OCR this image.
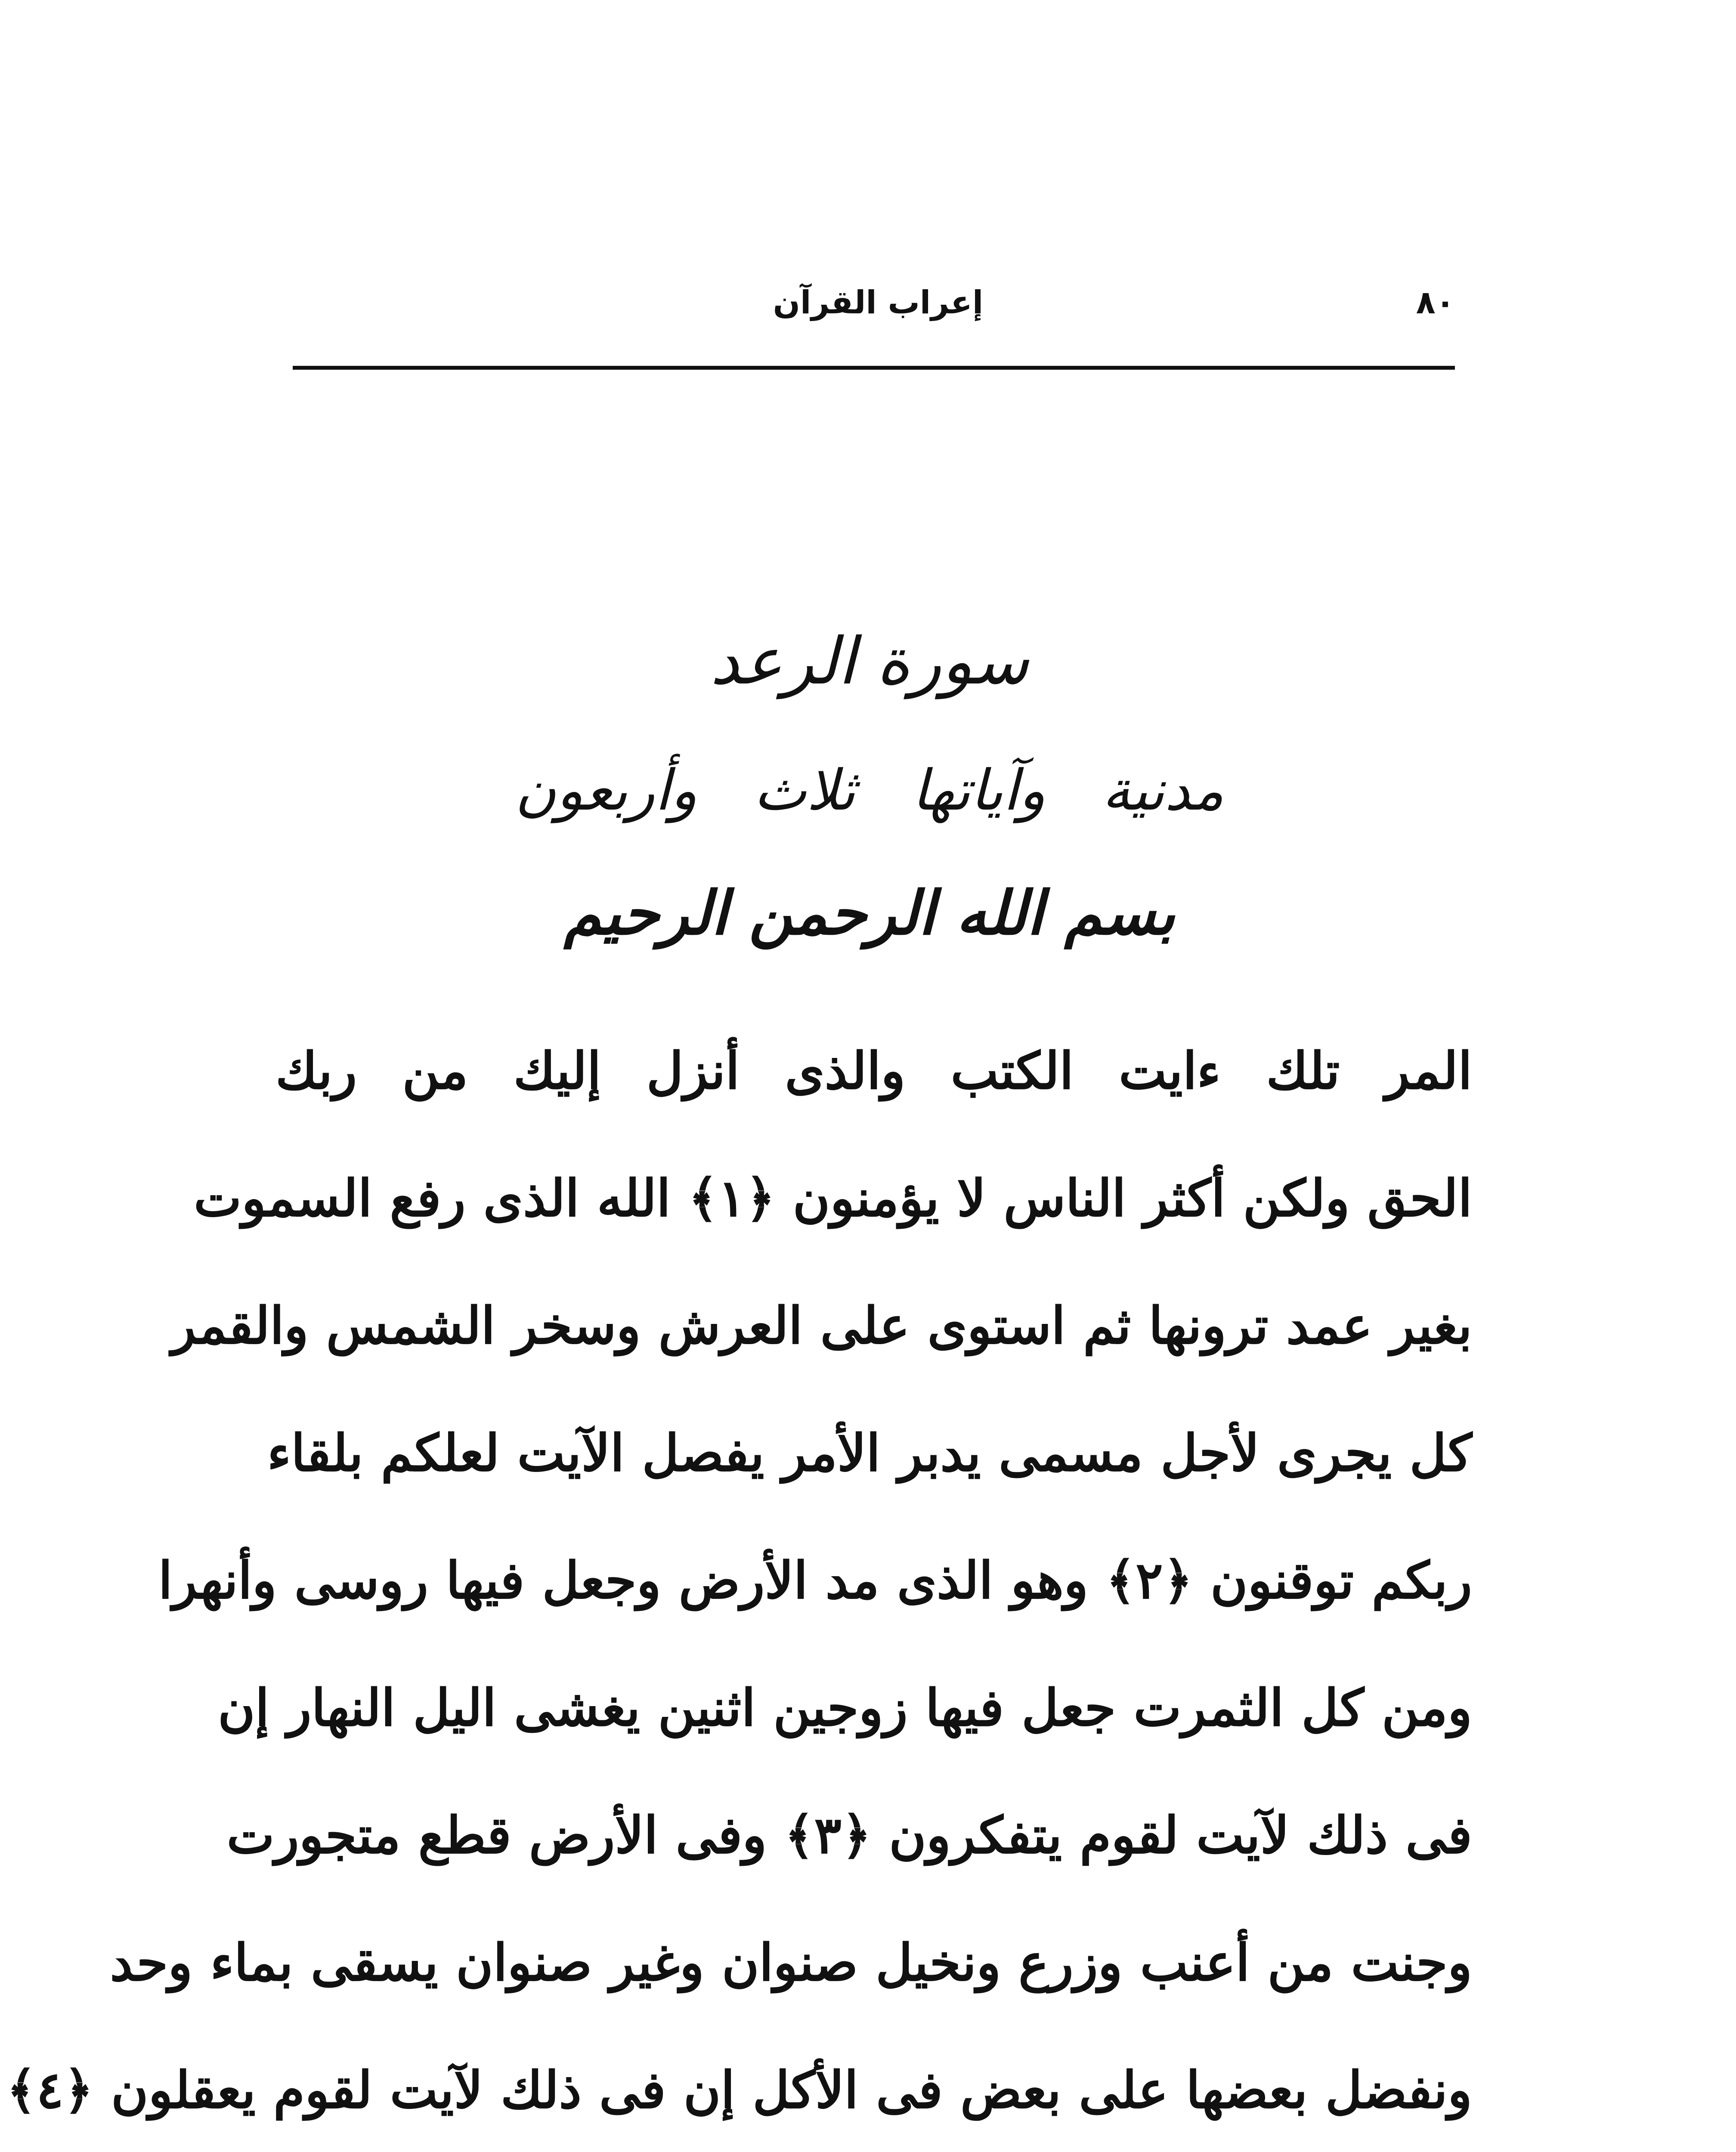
٨٠
إعراب القرآن
سورة الرعد
مدنية وآياتها ثلاث وأربعون
بسم الله الرحمن الرحيم
المر تلك ءايت الكتب والذى أنزل إليك من ربك
الحق ولكن أكثر الناس لا يؤمنون ﴿١﴾ الله الذى رفع السموت
بغير عمد ترونها ثم استوى على العرش وسخر الشمس والقمر
كل يجرى لأجل مسمى يدبر الأمر يفصل الآيت لعلكم بلقاء
ربكم توقنون ﴿٢﴾ وهو الذى مد الأرض وجعل فيها روسى وأنهرا
ومن كل الثمرت جعل فيها زوجين اثنين يغشى اليل النهار إن
فى ذلك لآيت لقوم يتفكرون ﴿٣﴾ وفى الأرض قطع متجورت
وجنت من أعنب وزرع ونخيل صنوان وغير صنوان يسقى بماء وحد
ونفضل بعضها على بعض فى الأكل إن فى ذلك لآيت لقوم يعقلون ﴿٤﴾
